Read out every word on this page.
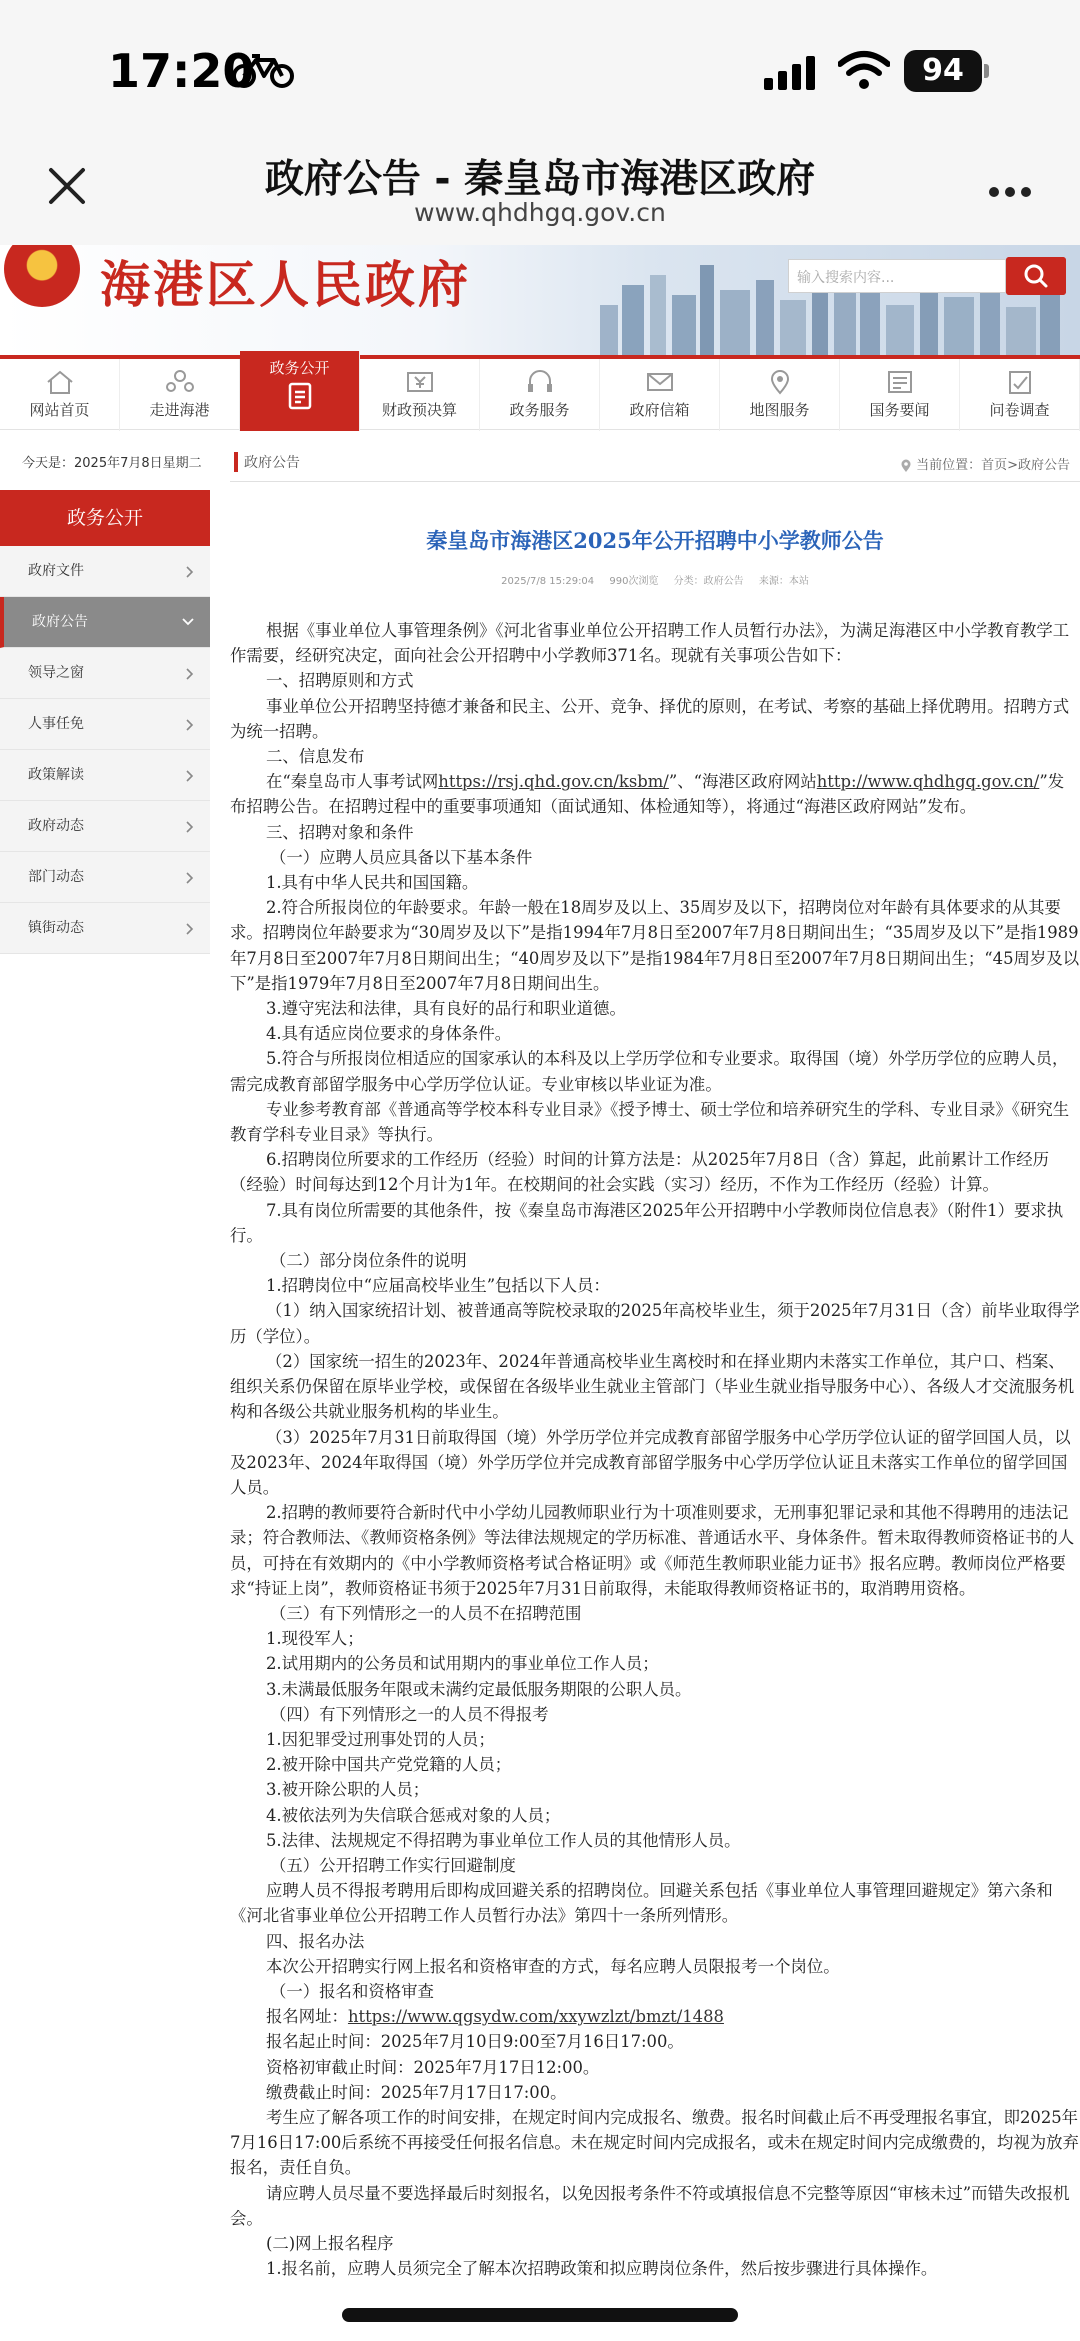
17:20	94
政府公告 - 秦皇岛市海港区政府
www.qhdhgq.gov.cn
海港区人民政府	输入搜索内容...
网站首页	走进海港
政务公开
财政预决算	政务服务	政府信箱	地图服务	国务要闻	问卷调查
今天是：2025年7月8日星期二
政务公开
政府文件
政府公告
领导之窗
人事任免
政策解读
政府动态
部门动态
镇街动态
政府公告	当前位置：首页>政府公告
秦皇岛市海港区2025年公开招聘中小学教师公告
2025/7/8 15:29:04 990次浏览 分类：政府公告 来源：本站

根据《事业单位人事管理条例》《河北省事业单位公开招聘工作人员暂行办法》，为满足海港区中小学教育教学工作需要，经研究决定，面向社会公开招聘中小学教师371名。现就有关事项公告如下：

一、招聘原则和方式

事业单位公开招聘坚持德才兼备和民主、公开、竞争、择优的原则，在考试、考察的基础上择优聘用。招聘方式为统一招聘。

二、信息发布

在“秦皇岛市人事考试网https://rsj.qhd.gov.cn/ksbm/”、“海港区政府网站http://www.qhdhgq.gov.cn/”发布招聘公告。在招聘过程中的重要事项通知（面试通知、体检通知等），将通过“海港区政府网站”发布。

三、招聘对象和条件

（一）应聘人员应具备以下基本条件

1.具有中华人民共和国国籍。

2.符合所报岗位的年龄要求。年龄一般在18周岁及以上、35周岁及以下，招聘岗位对年龄有具体要求的从其要求。招聘岗位年龄要求为“30周岁及以下”是指1994年7月8日至2007年7月8日期间出生；“35周岁及以下”是指1989年7月8日至2007年7月8日期间出生；“40周岁及以下”是指1984年7月8日至2007年7月8日期间出生；“45周岁及以下”是指1979年7月8日至2007年7月8日期间出生。

3.遵守宪法和法律，具有良好的品行和职业道德。

4.具有适应岗位要求的身体条件。

5.符合与所报岗位相适应的国家承认的本科及以上学历学位和专业要求。取得国（境）外学历学位的应聘人员，需完成教育部留学服务中心学历学位认证。专业审核以毕业证为准。

专业参考教育部《普通高等学校本科专业目录》《授予博士、硕士学位和培养研究生的学科、专业目录》《研究生教育学科专业目录》等执行。

6.招聘岗位所要求的工作经历（经验）时间的计算方法是：从2025年7月8日（含）算起，此前累计工作经历（经验）时间每达到12个月计为1年。在校期间的社会实践（实习）经历，不作为工作经历（经验）计算。

7.具有岗位所需要的其他条件，按《秦皇岛市海港区2025年公开招聘中小学教师岗位信息表》（附件1）要求执行。

（二）部分岗位条件的说明

1.招聘岗位中“应届高校毕业生”包括以下人员：

（1）纳入国家统招计划、被普通高等院校录取的2025年高校毕业生，须于2025年7月31日（含）前毕业取得学历（学位）。

（2）国家统一招生的2023年、2024年普通高校毕业生离校时和在择业期内未落实工作单位，其户口、档案、组织关系仍保留在原毕业学校，或保留在各级毕业生就业主管部门（毕业生就业指导服务中心）、各级人才交流服务机构和各级公共就业服务机构的毕业生。

（3）2025年7月31日前取得国（境）外学历学位并完成教育部留学服务中心学历学位认证的留学回国人员，以及2023年、2024年取得国（境）外学历学位并完成教育部留学服务中心学历学位认证且未落实工作单位的留学回国人员。

2.招聘的教师要符合新时代中小学幼儿园教师职业行为十项准则要求，无刑事犯罪记录和其他不得聘用的违法记录；符合教师法、《教师资格条例》等法律法规规定的学历标准、普通话水平、身体条件。暂未取得教师资格证书的人员，可持在有效期内的《中小学教师资格考试合格证明》或《师范生教师职业能力证书》报名应聘。教师岗位严格要求“持证上岗”，教师资格证书须于2025年7月31日前取得，未能取得教师资格证书的，取消聘用资格。

（三）有下列情形之一的人员不在招聘范围

1.现役军人；

2.试用期内的公务员和试用期内的事业单位工作人员；

3.未满最低服务年限或未满约定最低服务期限的公职人员。

（四）有下列情形之一的人员不得报考

1.因犯罪受过刑事处罚的人员；

2.被开除中国共产党党籍的人员；

3.被开除公职的人员；

4.被依法列为失信联合惩戒对象的人员；

5.法律、法规规定不得招聘为事业单位工作人员的其他情形人员。

（五）公开招聘工作实行回避制度

应聘人员不得报考聘用后即构成回避关系的招聘岗位。回避关系包括《事业单位人事管理回避规定》第六条和《河北省事业单位公开招聘工作人员暂行办法》第四十一条所列情形。

四、报名办法

本次公开招聘实行网上报名和资格审查的方式，每名应聘人员限报考一个岗位。

（一）报名和资格审查

报名网址：https://www.qgsydw.com/xxywzlzt/bmzt/1488

报名起止时间：2025年7月10日9:00至7月16日17:00。

资格初审截止时间：2025年7月17日12:00。

缴费截止时间：2025年7月17日17:00。

考生应了解各项工作的时间安排，在规定时间内完成报名、缴费。报名时间截止后不再受理报名事宜，即2025年7月16日17:00后系统不再接受任何报名信息。未在规定时间内完成报名，或未在规定时间内完成缴费的，均视为放弃报名，责任自负。

请应聘人员尽量不要选择最后时刻报名，以免因报考条件不符或填报信息不完整等原因“审核未过”而错失改报机会。

(二)网上报名程序

1.报名前，应聘人员须完全了解本次招聘政策和拟应聘岗位条件，然后按步骤进行具体操作。
